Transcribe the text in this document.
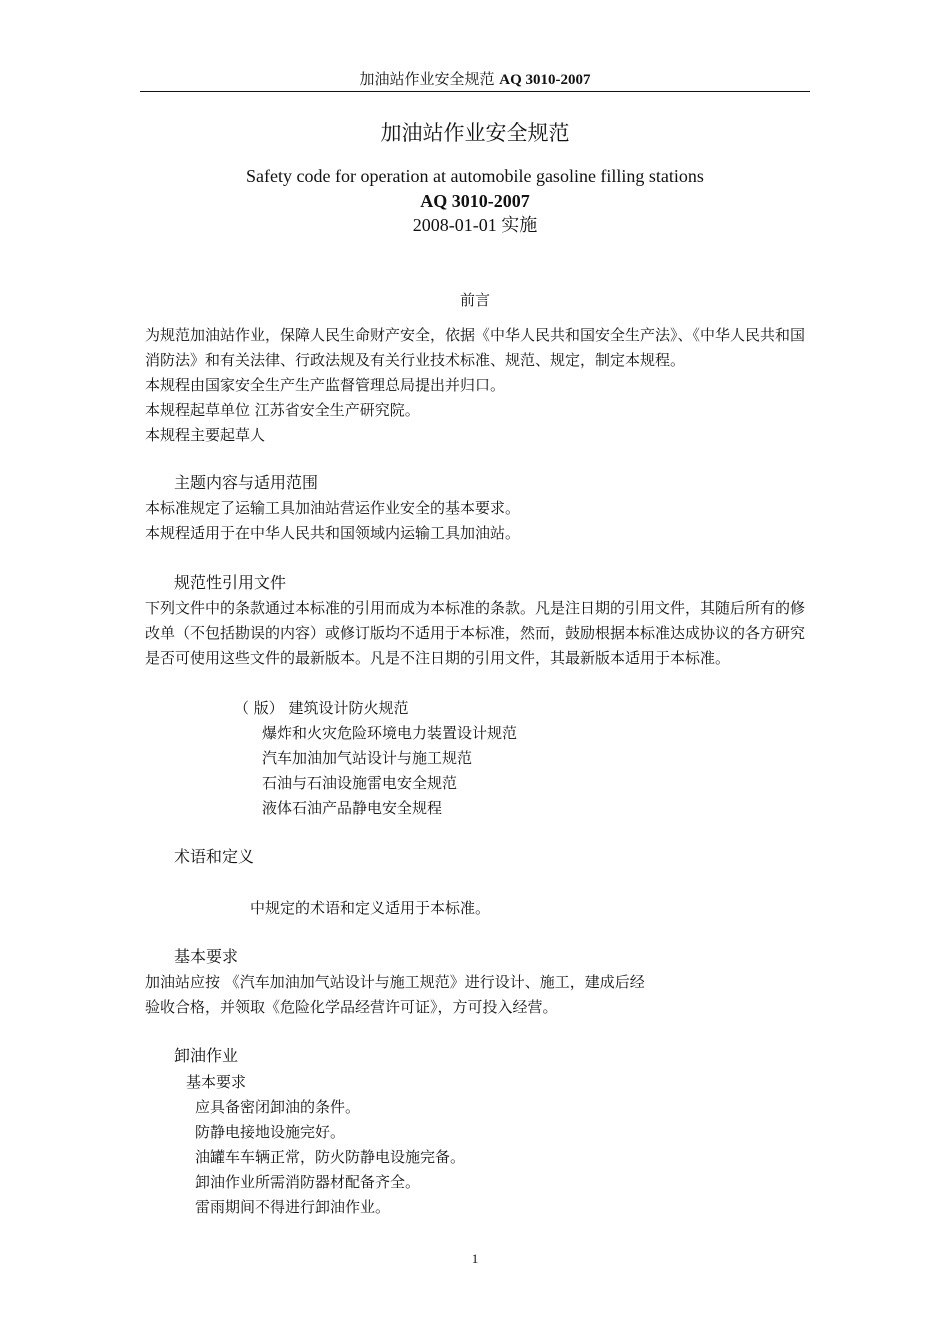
加油站作业安全规范 AQ 3010-2007
加油站作业安全规范
Safety code for operation at automobile gasoline filling stations
AQ 3010-2007
2008-01-01 实施
前言
为规范加油站作业，保障人民生命财产安全，依据《中华人民共和国安全生产法》、《中华人民共和国消防法》和有关法律、行政法规及有关行业技术标准、规范、规定，制定本规程。
本规程由国家安全生产生产监督管理总局提出并归口。
本规程起草单位 江苏省安全生产研究院。
本规程主要起草人
主题内容与适用范围
本标准规定了运输工具加油站营运作业安全的基本要求。
本规程适用于在中华人民共和国领域内运输工具加油站。
规范性引用文件
下列文件中的条款通过本标准的引用而成为本标准的条款。凡是注日期的引用文件，其随后所有的修改单（不包括勘误的内容）或修订版均不适用于本标准，然而，鼓励根据本标准达成协议的各方研究是否可使用这些文件的最新版本。凡是不注日期的引用文件，其最新版本适用于本标准。
（ 版） 建筑设计防火规范
爆炸和火灾危险环境电力装置设计规范
汽车加油加气站设计与施工规范
石油与石油设施雷电安全规范
液体石油产品静电安全规程
术语和定义
中规定的术语和定义适用于本标准。
基本要求
加油站应按 《汽车加油加气站设计与施工规范》进行设计、施工，建成后经
验收合格，并领取《危险化学品经营许可证》，方可投入经营。
卸油作业
基本要求
应具备密闭卸油的条件。
防静电接地设施完好。
油罐车车辆正常，防火防静电设施完备。
卸油作业所需消防器材配备齐全。
雷雨期间不得进行卸油作业。
1
